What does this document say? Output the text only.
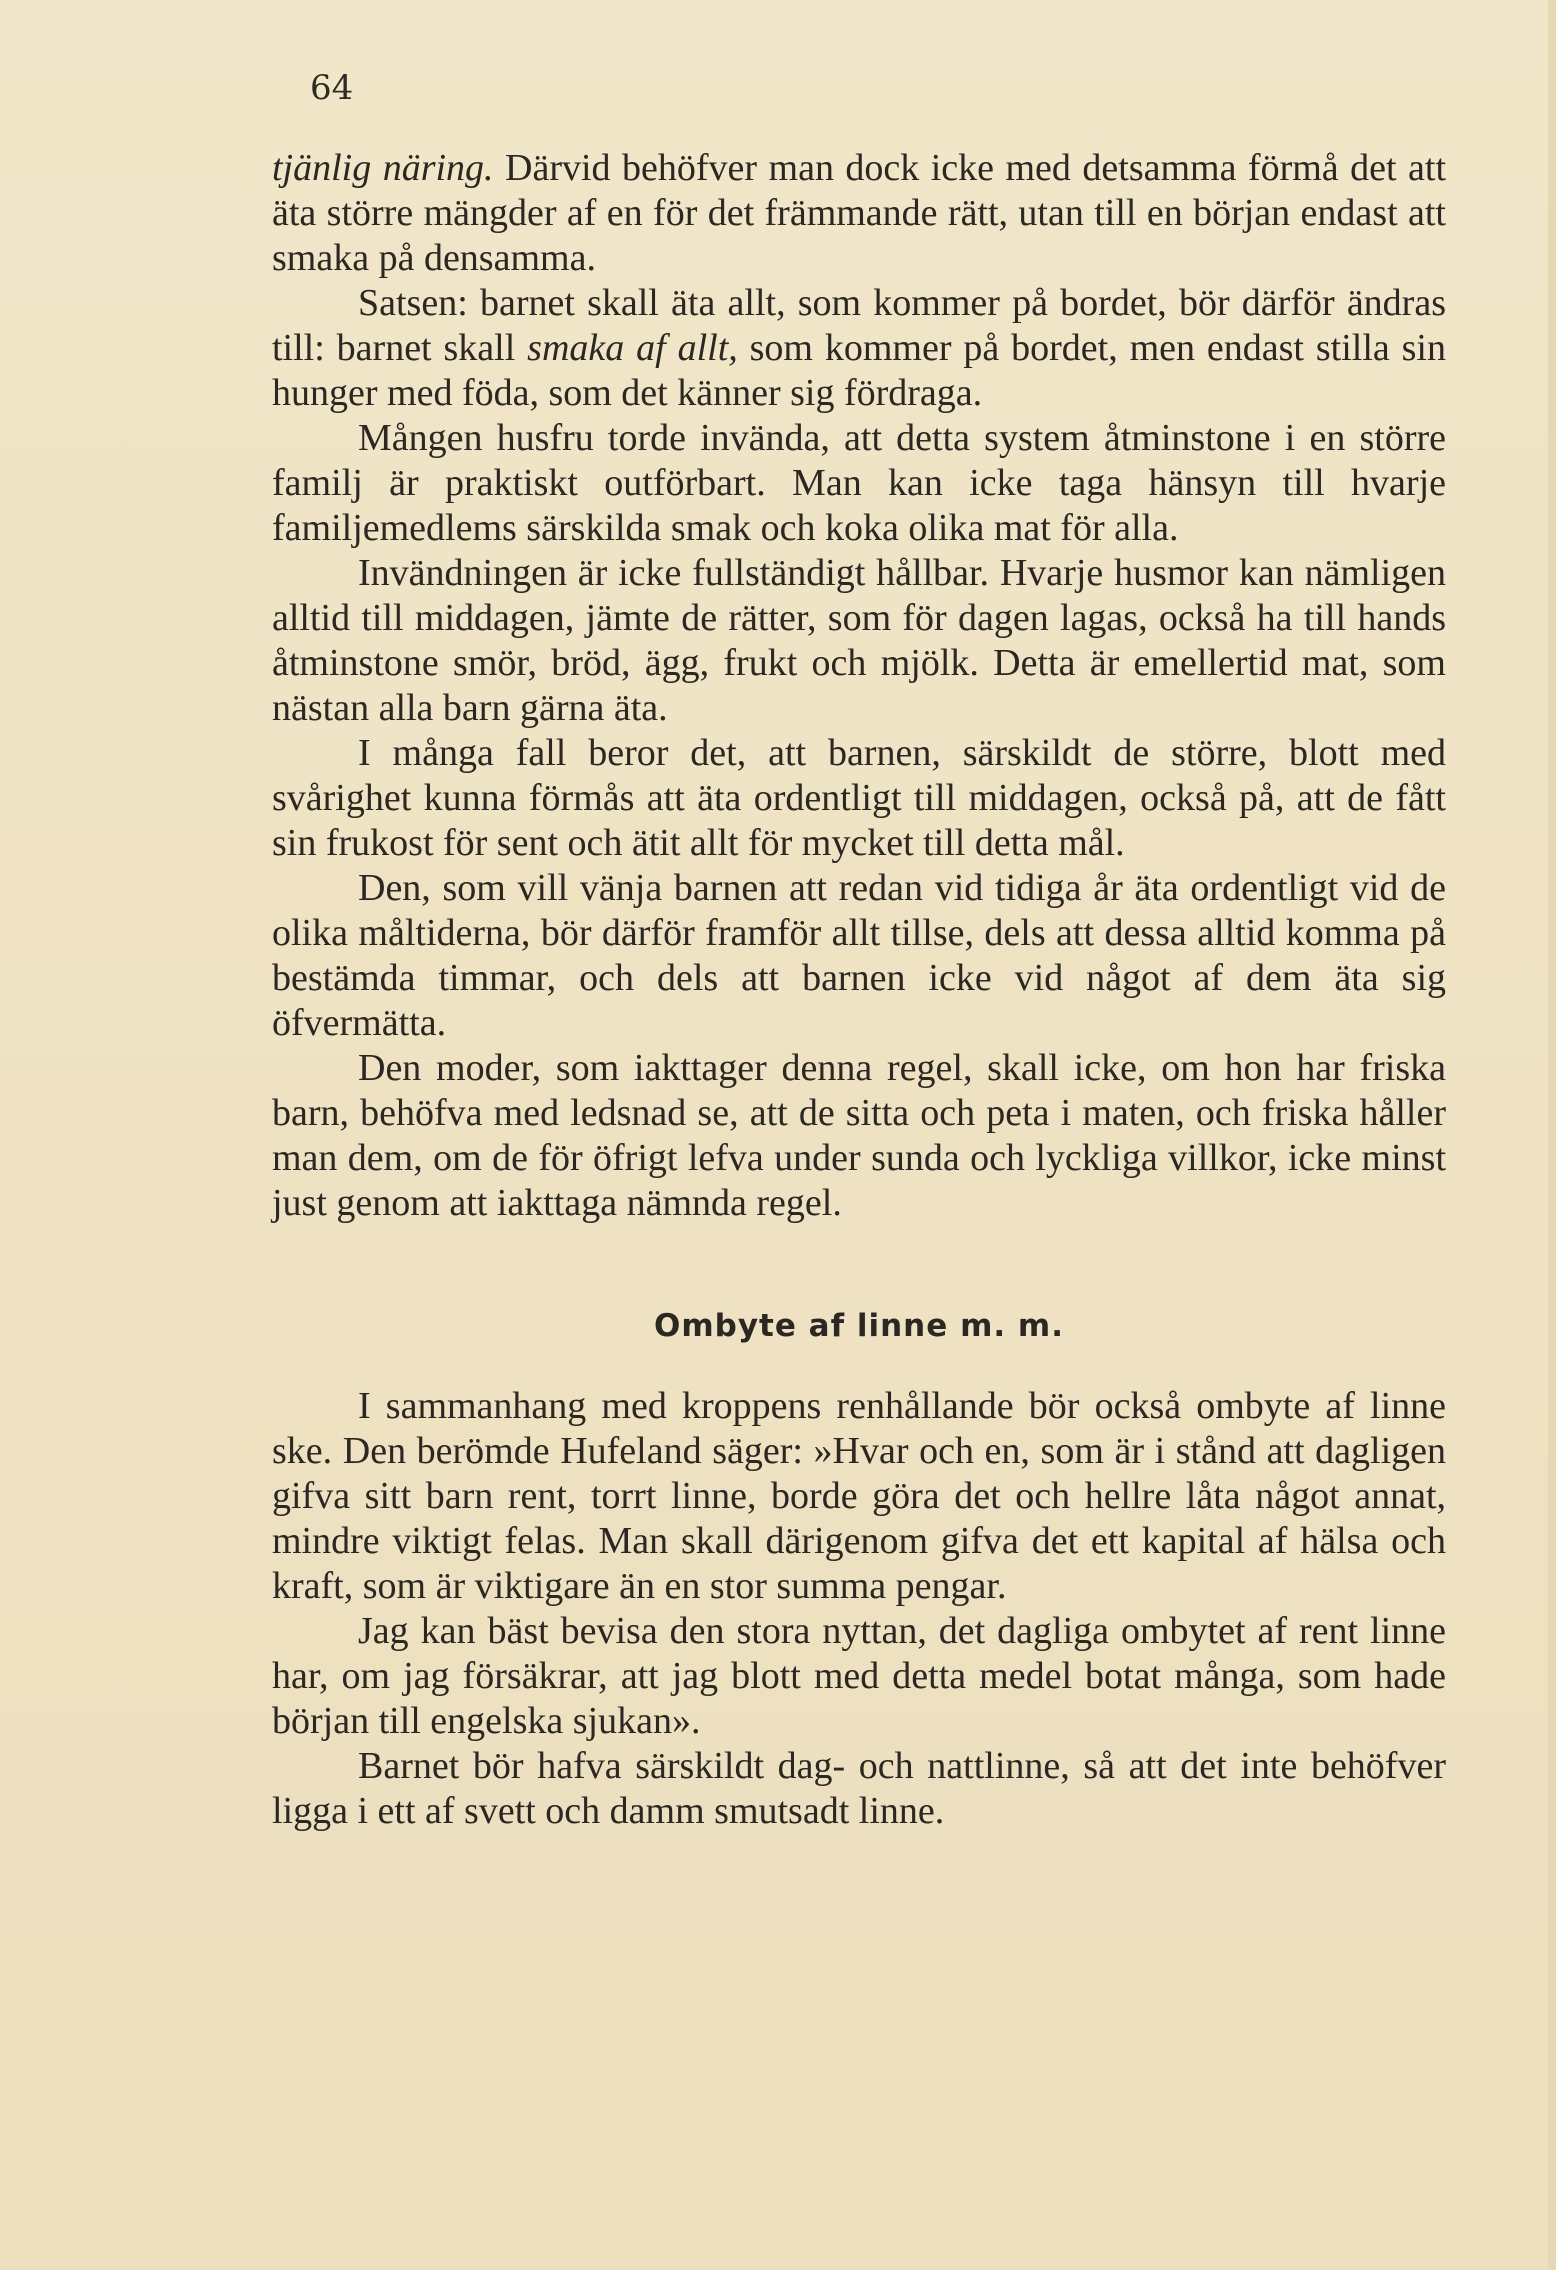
64

tjänlig näring. Därvid behöfver man dock icke med detsamma förmå det att äta större mängder af en för det främmande rätt, utan till en början endast att smaka på densamma.

Satsen: barnet skall äta allt, som kommer på bordet, bör därför ändras till: barnet skall smaka af allt, som kommer på bordet, men endast stilla sin hunger med föda, som det känner sig fördraga.

Mången husfru torde invända, att detta system åtminstone i en större familj är praktiskt outförbart. Man kan icke taga hänsyn till hvarje familjemedlems särskilda smak och koka olika mat för alla.

Invändningen är icke fullständigt hållbar. Hvarje husmor kan nämligen alltid till middagen, jämte de rätter, som för dagen lagas, också ha till hands åtminstone smör, bröd, ägg, frukt och mjölk. Detta är emellertid mat, som nästan alla barn gärna äta.

I många fall beror det, att barnen, särskildt de större, blott med svårighet kunna förmås att äta ordentligt till middagen, också på, att de fått sin frukost för sent och ätit allt för mycket till detta mål.

Den, som vill vänja barnen att redan vid tidiga år äta ordentligt vid de olika måltiderna, bör därför framför allt tillse, dels att dessa alltid komma på bestämda timmar, och dels att barnen icke vid något af dem äta sig öfvermätta.

Den moder, som iakttager denna regel, skall icke, om hon har friska barn, behöfva med ledsnad se, att de sitta och peta i maten, och friska håller man dem, om de för öfrigt lefva under sunda och lyckliga villkor, icke minst just genom att iakttaga nämnda regel.

Ombyte af linne m. m.

I sammanhang med kroppens renhållande bör också ombyte af linne ske. Den berömde Hufeland säger: »Hvar och en, som är i stånd att dagligen gifva sitt barn rent, torrt linne, borde göra det och hellre låta något annat, mindre viktigt felas. Man skall därigenom gifva det ett kapital af hälsa och kraft, som är viktigare än en stor summa pengar.

Jag kan bäst bevisa den stora nyttan, det dagliga ombytet af rent linne har, om jag försäkrar, att jag blott med detta medel botat många, som hade början till engelska sjukan».

Barnet bör hafva särskildt dag- och nattlinne, så att det inte behöfver ligga i ett af svett och damm smutsadt linne.
